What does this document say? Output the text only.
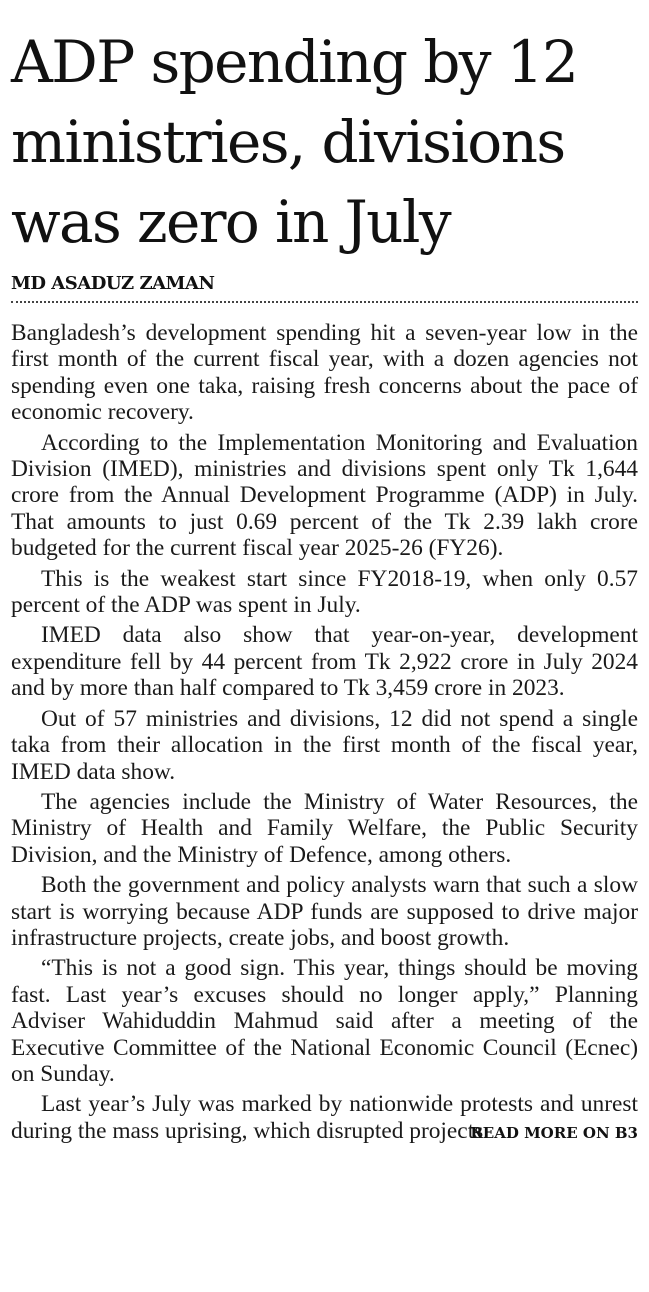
ADP spending by 12
ministries, divisions
was zero in July
MD ASADUZ ZAMAN

Bangladesh’s development spending hit a seven-year low in the first month of the current fiscal year, with a dozen agencies not spending even one taka, raising fresh concerns about the pace of economic recovery.

According to the Implementation Monitoring and Evaluation Division (IMED), ministries and divisions spent only Tk 1,644 crore from the Annual Development Programme (ADP) in July. That amounts to just 0.69 percent of the Tk 2.39 lakh crore budgeted for the current fiscal year 2025-26 (FY26).

This is the weakest start since FY2018-19, when only 0.57 percent of the ADP was spent in July.

IMED data also show that year-on-year, development expenditure fell by 44 percent from Tk 2,922 crore in July 2024 and by more than half compared to Tk 3,459 crore in 2023.

Out of 57 ministries and divisions, 12 did not spend a single taka from their allocation in the first month of the fiscal year, IMED data show.

The agencies include the Ministry of Water Resources, the Ministry of Health and Family Welfare, the Public Security Division, and the Ministry of Defence, among others.

Both the government and policy analysts warn that such a slow start is worrying because ADP funds are supposed to drive major infrastructure projects, create jobs, and boost growth.

“This is not a good sign. This year, things should be moving fast. Last year’s excuses should no longer apply,” Planning Adviser Wahiduddin Mahmud said after a meeting of the Executive Committee of the National Economic Council (Ecnec) on Sunday.

Last year’s July was marked by nationwide protests and unrest during the mass uprising, which disrupted projects.

READ MORE ON B3
